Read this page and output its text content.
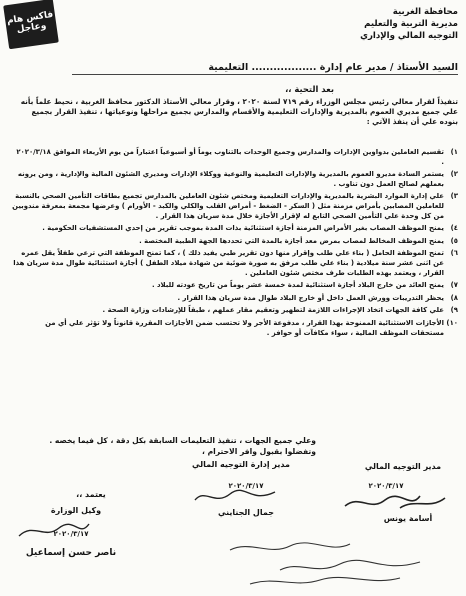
فاكس هام وعاجل
محافظة الغربية
مديرية التربية والتعليم
التوجيه المالي والإداري
السيد الأستاذ / مدير عام إدارة .................. التعليمية
بعد التحية ،،
تنفيذاً لقرار معالي رئيس مجلس الوزراء رقم ٧١٩ لسنة ٢٠٢٠ ، وقرار معالي الأستاذ الدكتور محافظ الغربية ، نحيط علماً بأنه علي جميع مديري العموم بالمديرية والإدارات التعليمية والأقسام والمدارس بجميع مراحلها ونوعياتها ، تنفيذ القرار بجميع بنوده علي أن ينفذ الآتي :
١)
تقسيم العاملين بدواوين الإدارات والمدارس وجميع الوحدات بالتناوب يوماً أو أسبوعياً اعتباراً من يوم الأربعاء الموافق ٢٠٢٠/٣/١٨ .
٢)
يستمر السادة مديرو العموم بالمديرية والإدارات التعليمية والنوعية ووكلاء الإدارات ومديري الشئون المالية والإدارية ، ومن يرونه بعملهم لصالح العمل دون تناوب .
٣)
علي إدارة الموارد البشرية بالمديرية والإدارات التعليمية ومختص شئون العاملين بالمدارس تجميع بطاقات التأمين الصحي بالنسبة للعاملين المصابين بأمراض مزمنة مثل ( السكر - الضغط - أمراض القلب والكلي والكبد - الأورام ) وعرضها مجمعة بمعرفة مندوبين من كل وحدة علي التأمين الصحي التابع له لإقرار الأجازة خلال مدة سريان هذا القرار .
٤)
يمنح الموظف المصاب بغير الأمراض المزمنة أجازة استثنائية بذات المدة بموجب تقرير من إحدي المستشفيات الحكومية .
٥)
يمنح الموظف المخالط لمصاب بمرض معد أجازة بالمدة التي تحددها الجهة الطبية المختصة .
٦)
تمنح الموظفة الحامل ( بناء علي طلب وإقرار منها دون تقرير طبي يفيد ذلك ) ، كما تمنح الموظفة التي ترعي طفلاً يقل عمره عن اثنى عشر سنة ميلادية ( بناء علي طلب مرفق به صورة ضوئية من شهادة ميلاد الطفل ) أجازة استثنائية طوال مدة سريان هذا القرار ، ويعتمد بهذه الطلبات طرف مختص شئون العاملين .
٧)
يمنح العائد من خارج البلاد أجازة استثنائية لمدة خمسة عشر يوماً من تاريخ عودته للبلاد .
٨)
يحظر التدريبات وورش العمل داخل أو خارج البلاد طوال مدة سريان هذا القرار .
٩)
علي كافة الجهات اتخاذ الإجراءات اللازمة لتطهير وتعقيم مقار عملهم ، طبقاً للإرشادات وزارة الصحة .
١٠)
الأجازات الاستثنائية الممنوحة بهذا القرار ، مدفوعة الأجر ولا تحتسب ضمن الأجازات المقررة قانوناً ولا تؤثر علي أي من مستحقات الموظف المالية ، سواء مكافآت أو حوافز .
وعلي جميع الجهات ، تنفيذ التعليمات السابقة بكل دقة ، كل فيما يخصه .
وتفضلوا بقبول وافر الاحترام ،
مدير التوجيه المالي
٢٠٢٠/٣/١٧
أسامة يونس
مدير إدارة التوجيه المالي
٢٠٢٠/٣/١٧
جمال الجنايني
يعتمد ،،
وكيل الوزارة
٢٠٢٠/٣/١٧
ناصر حسن إسماعيل
